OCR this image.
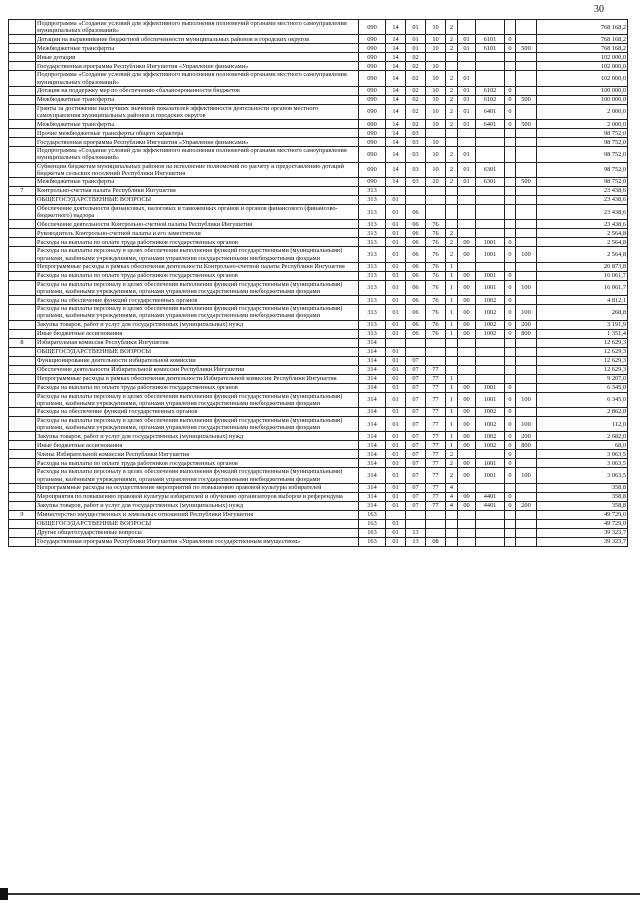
30
	Подпрограмма «Создание условий для эффективного выполнения полномочий органами местного самоуправления муниципальных образований»	090	14	01	10	2					768 168,2
	Дотации на выравнивание бюджетной обеспеченности муниципальных районов и городских округов	090	14	01	10	2	01	6101	0		768 168,2
	Межбюджетные трансферты	090	14	01	10	2	01	6101	0	500	768 168,2
	Иные дотации	090	14	02							102 000,0
	Государственная программа Республики Ингушетия «Управление финансами»	090	14	02	10						102 000,0
	Подпрограмма «Создание условий для эффективного выполнения полномочий органами местного самоуправления муниципальных образований»	090	14	02	10	2	01				102 000,0
	Дотация на поддержку мер по обеспечению сбалансированности бюджетов	090	14	02	10	2	01	6102	0		100 000,0
	Межбюджетные трансферты	090	14	02	10	2	01	6102	0	500	100 000,0
	Гранты за достижение наилучших значений показателей эффективности деятельности органов местного самоуправления муниципальных районов и городских округов	090	14	02	10	2	01	6401	0		2 000,0
	Межбюджетные трансферты	090	14	02	10	2	01	6401	0	500	2 000,0
	Прочие межбюджетные трансферты общего характера	090	14	03							98 752,0
	Государственная программа Республики Ингушетия «Управление финансами»	090	14	03	10						98 752,0
	Подпрограмма «Создание условий для эффективного выполнения полномочий органами местного самоуправления муниципальных образований»	090	14	03	10	2	01				98 752,0
	Субвенции бюджетам муниципальных районов на исполнение полномочий по расчету и предоставлению дотаций бюджетам сельских поселений Республики Ингушетия	090	14	03	10	2	01	6301			98 752,0
	Межбюджетные трансферты	090	14	03	10	2	01	6301		500	98 752,0
7	Контрольно-счетная палата Республики Ингушетия	313									23 438,6
	ОБЩЕГОСУДАРСТВЕННЫЕ ВОПРОСЫ	313	01								23 438,6
	Обеспечение деятельности финансовых, налоговых и таможенных органов и органов финансового (финансово-бюджетного) надзора	313	01	06							23 438,6
	Обеспечение деятельности Контрольно-счетной палаты Республики Ингушетия	313	01	06	76						23 438,6
	Руководитель Контрольно-счетной палаты и его заместители	313	01	06	76	2					2 564,8
	Расходы на выплаты по оплате труда работников государственных органов	313	01	06	76	2	00	1001	0		2 564,8
	Расходы на выплаты персоналу в целях обеспечения выполнения функций государственными (муниципальными) органами, казёнными учреждениями, органами управления государственными внебюджетными фондами	313	01	06	76	2	00	1001	0	100	2 564,8
	Непрограммные расходы в рамках обеспечения деятельности Контрольно-счетной палаты Республики Ингушетия	313	01	06	76	1					20 873,8
	Расходы на выплаты по оплате труда работников государственных органов	313	01	06	76	1	00	1001	0		16 061,7
	Расходы на выплаты персоналу в целях обеспечения выполнения функций государственными (муниципальными) органами, казёнными учреждениями, органами управления государственными внебюджетными фондами	313	01	06	76	1	00	1001	0	100	16 061,7
	Расходы на обеспечение функций государственных органов	313	01	06	76	1	00	1002	0		4 812,1
	Расходы на выплаты персоналу в целях обеспечения выполнения функций государственными (муниципальными) органами, казёнными учреждениями, органами управления государственными внебюджетными фондами	313	01	06	76	1	00	1002	0	100	268,8
	Закупка товаров, работ и услуг для государственных (муниципальных) нужд	313	01	06	76	1	00	1002	0	200	3 191,9
	Иные бюджетные ассигнования	313	01	06	76	1	00	1002	0	800	1 351,4
8	Избирательная комиссия Республики Ингушетия	314									12 629,3
	ОБЩЕГОСУДАРСТВЕННЫЕ ВОПРОСЫ	314	01								12 629,3
	Функционирование деятельности избирательной комиссии	314	01	07							12 629,3
	Обеспечение деятельности Избирательной комиссии Республики Ингушетия	314	01	07	77						12 629,3
	Непрограммные расходы в рамках обеспечения деятельности Избирательной комиссии Республики Ингушетия	314	01	07	77	1					9 207,0
	Расходы на выплаты по оплате труда работников государственных органов	314	01	07	77	1	00	1001	0		6 345,0
	Расходы на выплаты персоналу в целях обеспечения выполнения функций государственными (муниципальными) органами, казёнными учреждениями, органами управления государственными внебюджетными фондами	314	01	07	77	1	00	1001	0	100	6 345,0
	Расходы на обеспечение функций государственных органов	314	01	07	77	1	00	1002	0		2 862,0
	Расходы на выплаты персоналу в целях обеспечения выполнения функций государственными (муниципальными) органами, казёнными учреждениями, органами управления государственными внебюджетными фондами	314	01	07	77	1	00	1002	0	100	112,0
	Закупка товаров, работ и услуг для государственных (муниципальных) нужд	314	01	07	77	1	00	1002	0	200	2 682,0
	Иные бюджетные ассигнования	314	01	07	77	1	00	1002	0	800	68,0
	Члены Избирательной комиссии Республики Ингушетия	314	01	07	77	2			0		3 063,5
	Расходы на выплаты по оплате труда работников государственных органов	314	01	07	77	2	00	1001	0		3 063,5
	Расходы на выплаты персоналу в целях обеспечения выполнения функций государственными (муниципальными) органами, казёнными учреждениями, органами управления государственными внебюджетными фондами	314	01	07	77	2	00	1001	0	100	3 063,5
	Непрограммные расходы на осуществление мероприятий по повышению правовой культуры избирателей	314	01	07	77	4					358,8
	Мероприятия по повышению правовой культуры избирателей и обучению организаторов выборов и референдума	314	01	07	77	4	00	4401	0		358,8
	Закупка товаров, работ и услуг для государственных (муниципальных) нужд	314	01	07	77	4	00	4401	0	200	358,8
9	Министерство имущественных и земельных отношений Республики Ингушетия	163									49 729,0
	ОБЩЕГОСУДАРСТВЕННЫЕ ВОПРОСЫ	163	01								49 729,0
	Другие общегосударственные вопросы	163	01	13							39 323,7
	Государственная программа Республики Ингушетия «Управление государственным имуществом»	163	01	13	08						39 323,7
